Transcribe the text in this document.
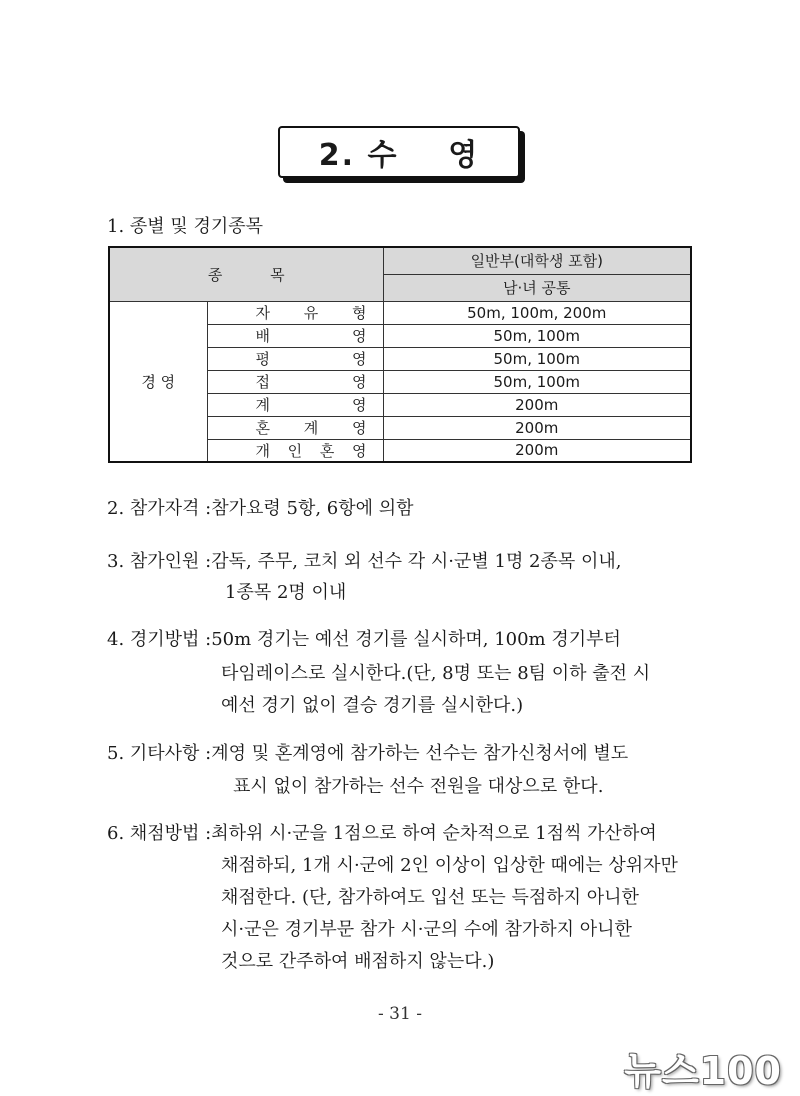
2. 수    영
1. 종별 및 경기종목
종          목		일반부(대학생 포함)
		남·녀 공통
경 영	자 유 형	50m, 100m, 200m

	배 영	50m, 100m

	평 영	50m, 100m

	접 영	50m, 100m

	계 영	200m

	혼 계 영	200m

	개 인 혼 영	200m
2. 참가자격 :참가요령 5항, 6항에 의함
3. 참가인원 :감독, 주무, 코치 외 선수 각 시·군별 1명 2종목 이내,
1종목 2명 이내
4. 경기방법 :50m 경기는 예선 경기를 실시하며, 100m 경기부터
타임레이스로 실시한다.(단, 8명 또는 8팀 이하 출전 시
예선 경기 없이 결승 경기를 실시한다.)
5. 기타사항 :계영 및 혼계영에 참가하는 선수는 참가신청서에 별도
표시 없이 참가하는 선수 전원을 대상으로 한다.
6. 채점방법 :최하위 시·군을 1점으로 하여 순차적으로 1점씩 가산하여
채점하되, 1개 시·군에 2인 이상이 입상한 때에는 상위자만
채점한다. (단, 참가하여도 입선 또는 득점하지 아니한
시·군은 경기부문 참가 시·군의 수에 참가하지 아니한
것으로 간주하여 배점하지 않는다.)
- 31 -
뉴스100
